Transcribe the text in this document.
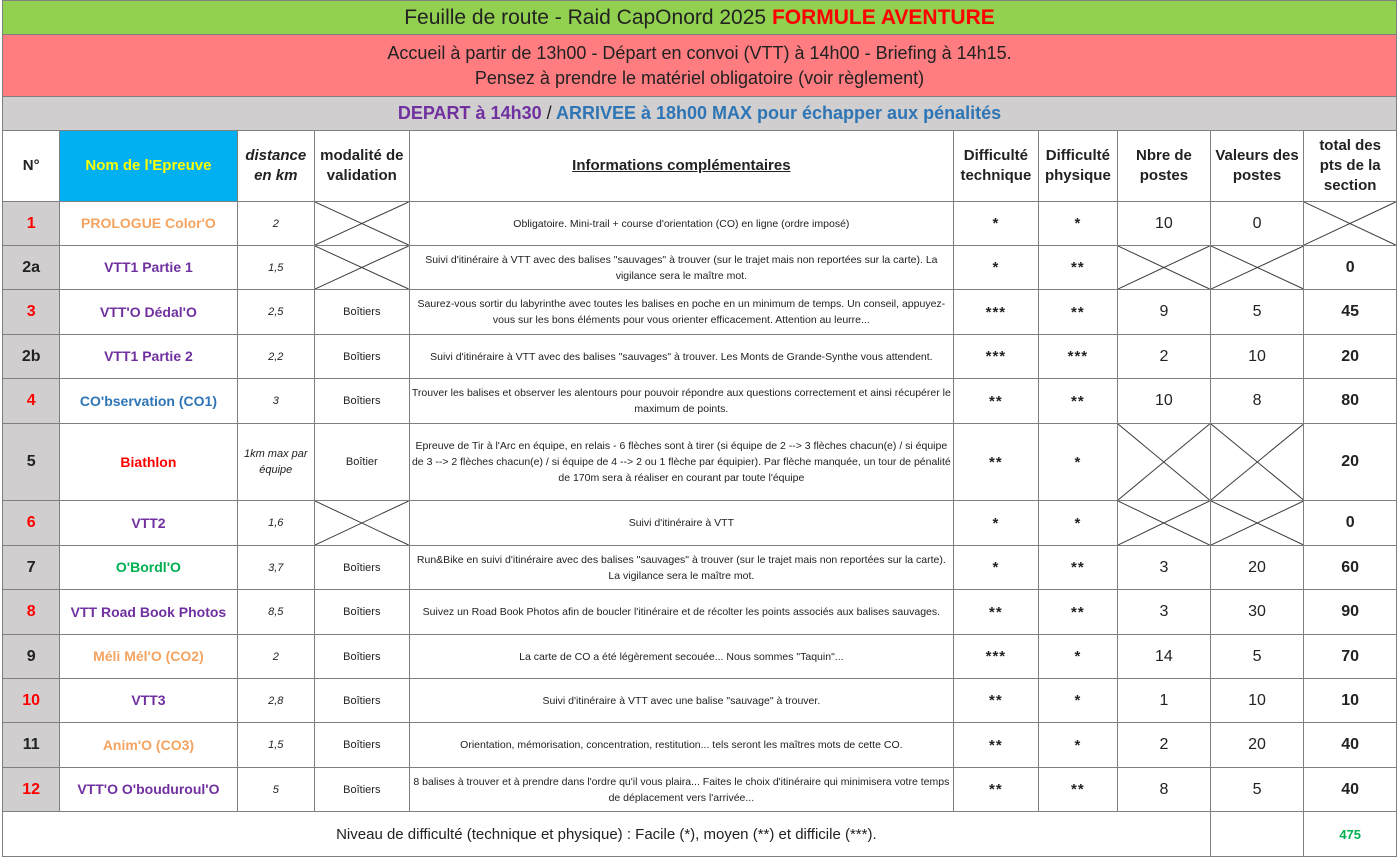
Feuille de route - Raid CapOnord 2025 FORMULE AVENTURE
Accueil à partir de 13h00 - Départ en convoi (VTT) à 14h00 - Briefing à 14h15.
Pensez à prendre le matériel obligatoire (voir règlement)
DEPART à 14h30 / ARRIVEE à 18h00 MAX pour échapper aux pénalités
N°	Nom de l'Epreuve	distance en km	modalité de validation	Informations complémentaires	Difficulté technique	Difficulté physique	Nbre de postes	Valeurs des postes	total des pts de la section
1	PROLOGUE Color'O	2		Obligatoire. Mini-trail + course d'orientation (CO) en ligne (ordre imposé)	*	*	10	0	

2a	VTT1 Partie 1	1,5		Suivi d'itinéraire à VTT avec des balises "sauvages" à trouver (sur le trajet mais non reportées sur la carte). La vigilance sera le maître mot.	*	**			0
3	VTT'O Dédal'O	2,5	Boîtiers	Saurez-vous sortir du labyrinthe avec toutes les balises en poche en un minimum de temps. Un conseil, appuyez-vous sur les bons éléments pour vous orienter efficacement. Attention au leurre...	***	**	9	5	45
2b	VTT1 Partie 2	2,2	Boîtiers	Suivi d'itinéraire à VTT avec des balises "sauvages" à trouver. Les Monts de Grande-Synthe vous attendent.	***	***	2	10	20
4	CO'bservation (CO1)	3	Boîtiers	Trouver les balises et observer les alentours pour pouvoir répondre aux questions correctement et ainsi récupérer le maximum de points.	**	**	10	8	80
5	Biathlon	1km max par équipe	Boîtier	Epreuve de Tir à l'Arc en équipe, en relais - 6 flèches sont à tirer (si équipe de 2 --> 3 flèches chacun(e) / si équipe de 3 --> 2 flèches chacun(e) / si équipe de 4 --> 2 ou 1 flèche par équipier). Par flèche manquée, un tour de pénalité de 170m sera à réaliser en courant par toute l'équipe	**	*			20
6	VTT2	1,6		Suivi d'itinéraire à VTT	*	*			0
7	O'Bordl'O	3,7	Boîtiers	Run&Bike en suivi d'itinéraire avec des balises "sauvages" à trouver (sur le trajet mais non reportées sur la carte). La vigilance sera le maître mot.	*	**	3	20	60
8	VTT Road Book Photos	8,5	Boîtiers	Suivez un Road Book Photos afin de boucler l'itinéraire et de récolter les points associés aux balises sauvages.	**	**	3	30	90
9	Méli Mél'O (CO2)	2	Boîtiers	La carte de CO a été légèrement secouée... Nous sommes "Taquin"...	***	*	14	5	70
10	VTT3	2,8	Boîtiers	Suivi d'itinéraire à VTT avec une balise "sauvage" à trouver.	**	*	1	10	10
11	Anim'O (CO3)	1,5	Boîtiers	Orientation, mémorisation, concentration, restitution... tels seront les maîtres mots de cette CO.	**	*	2	20	40
12	VTT'O O'bouduroul'O	5	Boîtiers	8 balises à trouver et à prendre dans l'ordre qu'il vous plaira... Faites le choix d'itinéraire qui minimisera votre temps de déplacement vers l'arrivée...	**	**	8	5	40
Niveau de difficulté (technique et physique) : Facile (*), moyen (**) et difficile (***).									475
